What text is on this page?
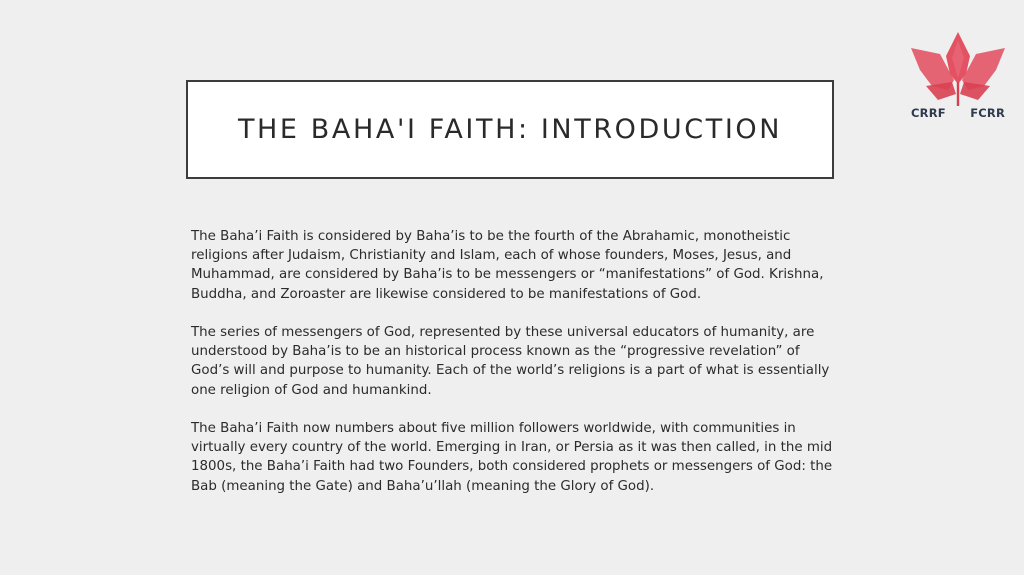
THE BAHA'I FAITH: INTRODUCTION

The Baha’i Faith is considered by Baha’is to be the fourth of the Abrahamic, monotheistic religions after Judaism, Christianity and Islam, each of whose founders, Moses, Jesus, and Muhammad, are considered by Baha’is to be messengers or “manifestations” of God. Krishna, Buddha, and Zoroaster are likewise considered to be manifestations of God.

The series of messengers of God, represented by these universal educators of humanity, are understood by Baha’is to be an historical process known as the “progressive revelation” of God’s will and purpose to humanity. Each of the world’s religions is a part of what is essentially one religion of God and humankind.

The Baha’i Faith now numbers about five million followers worldwide, with communities in virtually every country of the world. Emerging in Iran, or Persia as it was then called, in the mid 1800s, the Baha’i Faith had two Founders, both considered prophets or messengers of God: the Bab (meaning the Gate) and Baha’u’llah (meaning the Glory of God).

CRRF FCRR
